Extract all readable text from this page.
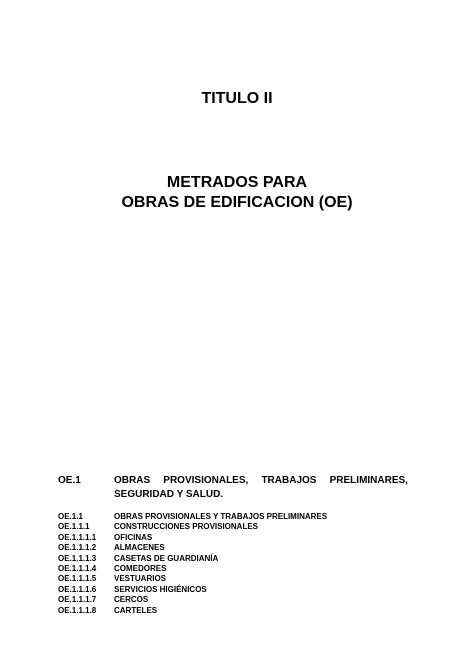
TITULO II
METRADOS PARA
OBRAS DE EDIFICACION (OE)
OE.1	OBRAS PROVISIONALES, TRABAJOS PRELIMINARES,
SEGURIDAD Y SALUD.
OE.1.1	OBRAS PROVISIONALES Y TRABAJOS PRELIMINARES
OE.1.1.1	CONSTRUCCIONES PROVISIONALES
OE.1.1.1.1	OFICINAS
OE.1.1.1.2	ALMACENES
OE.1.1.1.3	CASETAS DE GUARDIANÍA
OE.1.1.1.4	COMEDORES
OE.1.1.1.5	VESTUARIOS
OE.1.1.1.6	SERVICIOS HIGIÉNICOS
OE.1.1.1.7	CERCOS
OE.1.1.1.8	CARTELES
